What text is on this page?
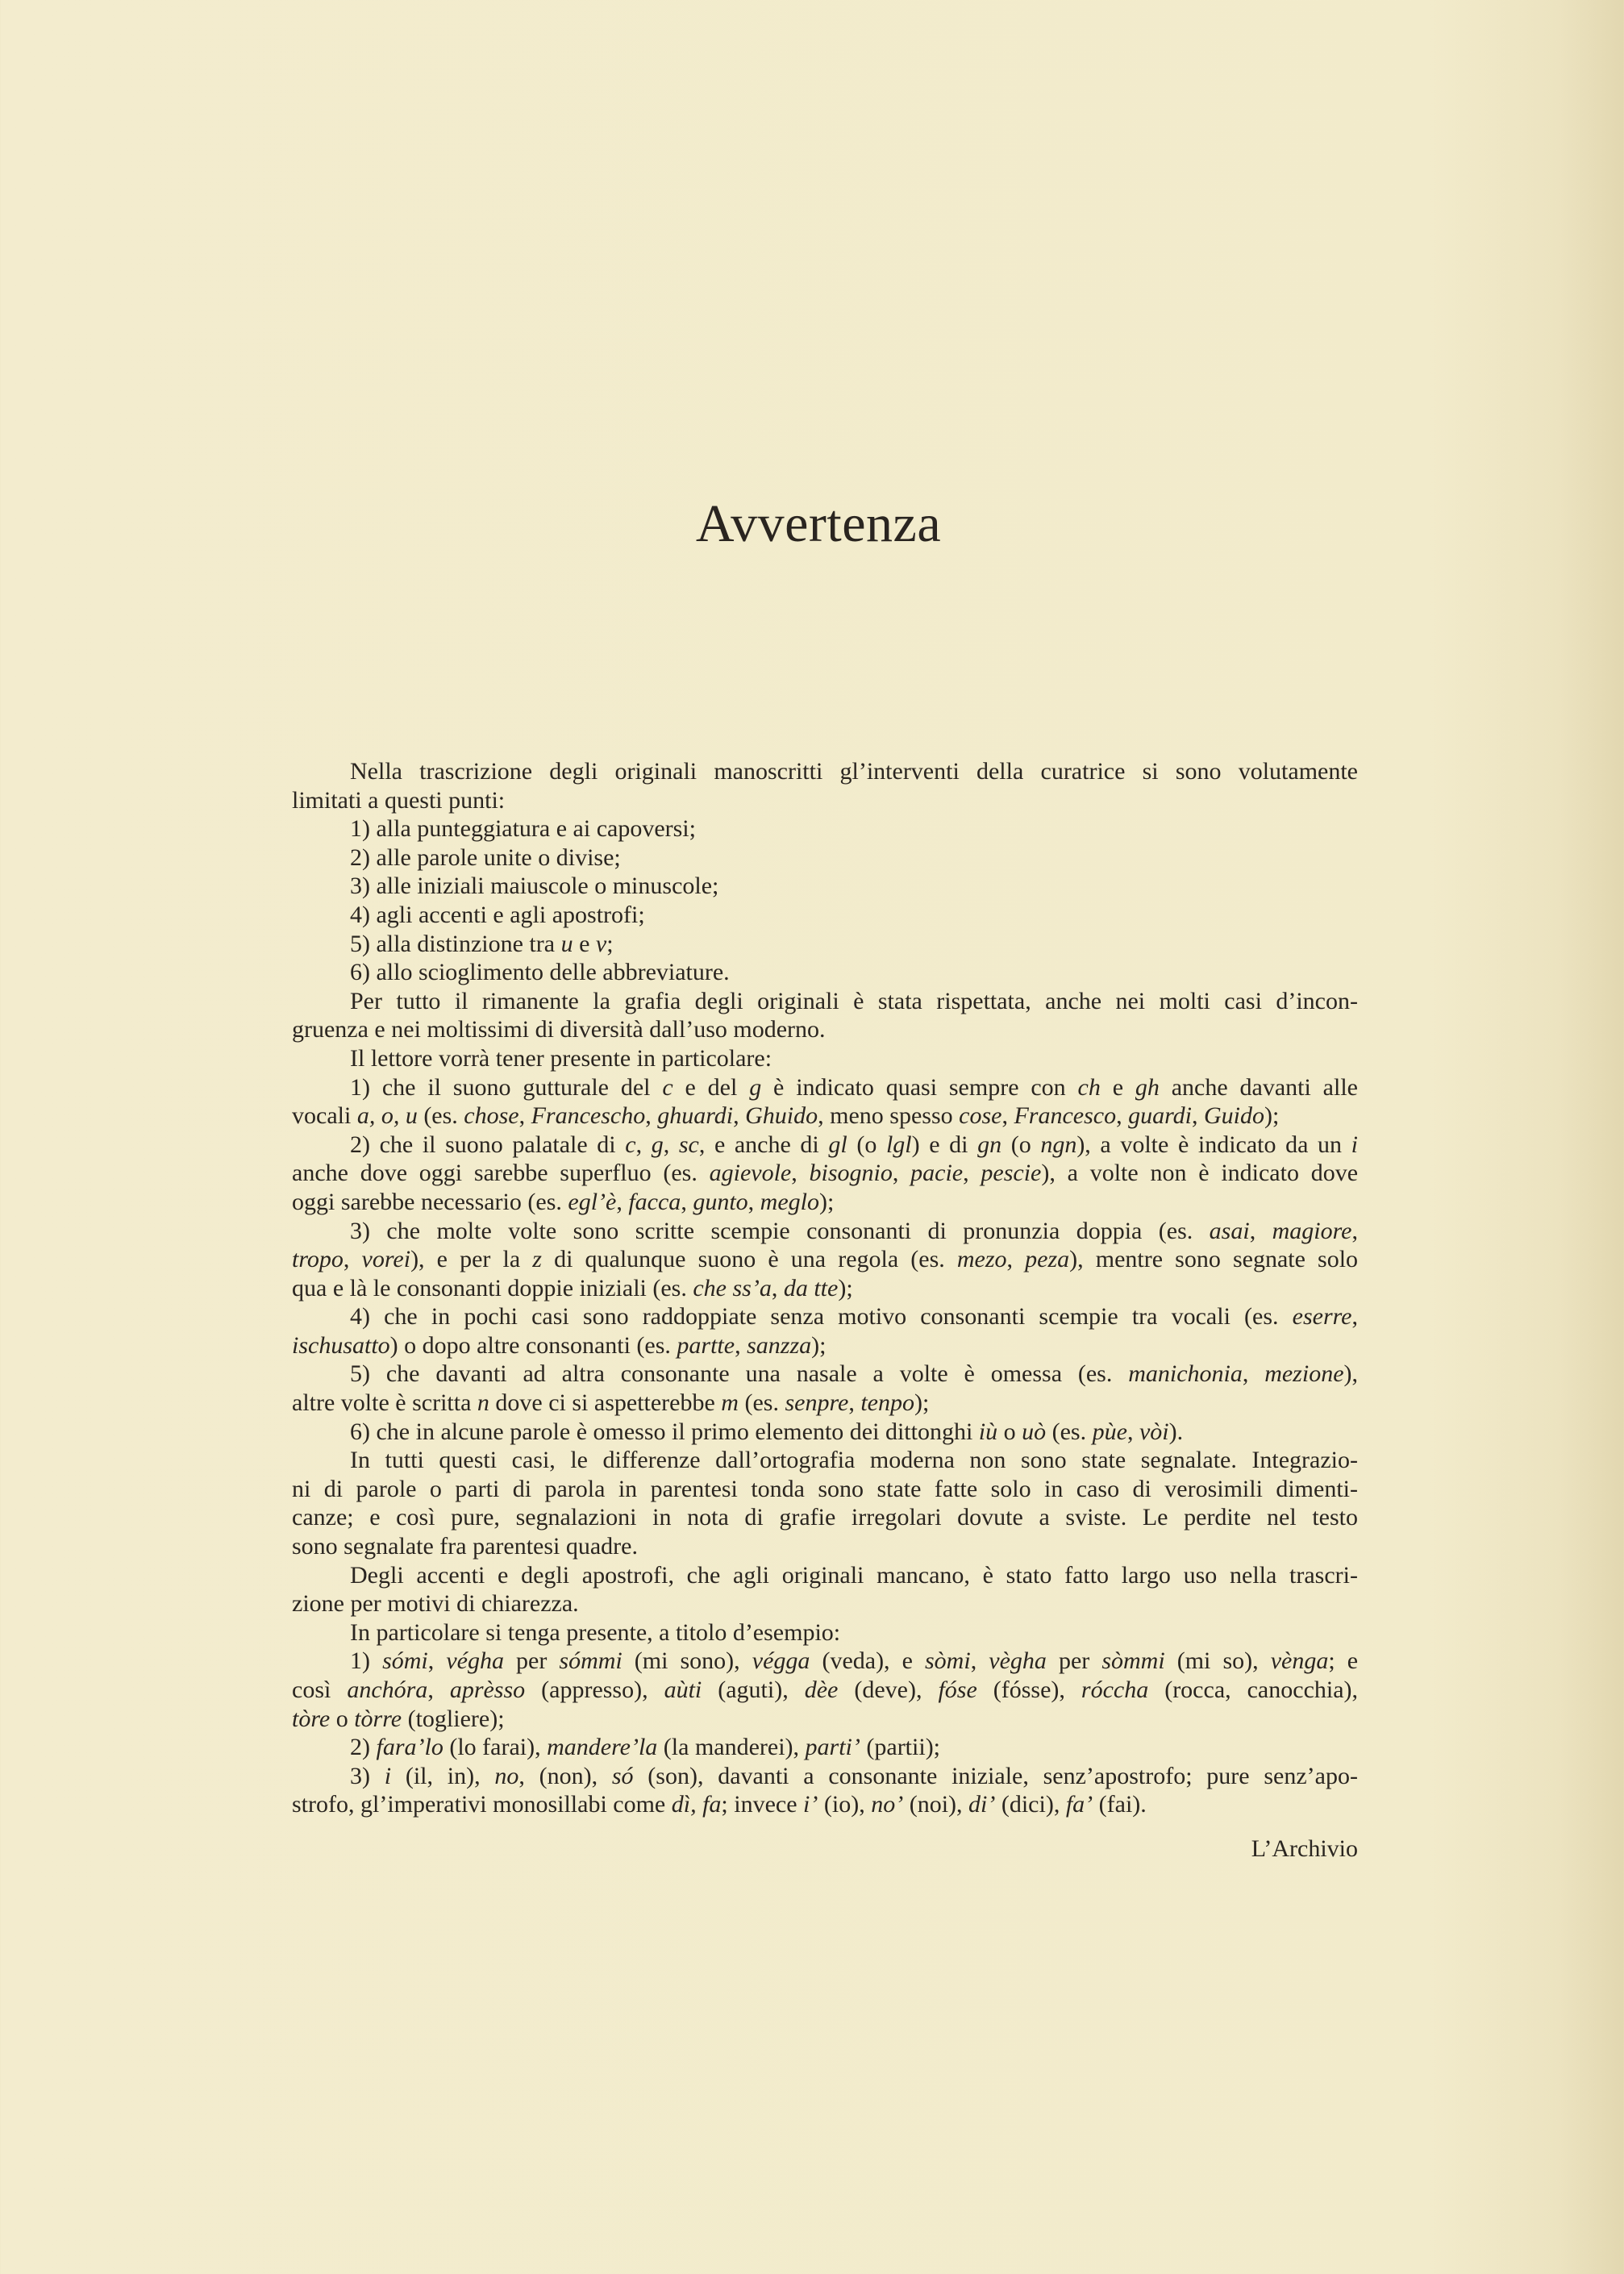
Avvertenza
Nella trascrizione degli originali manoscritti gl’interventi della curatrice si sono volutamente
limitati a questi punti:
1) alla punteggiatura e ai capoversi;
2) alle parole unite o divise;
3) alle iniziali maiuscole o minuscole;
4) agli accenti e agli apostrofi;
5) alla distinzione tra u e v;
6) allo scioglimento delle abbreviature.
Per tutto il rimanente la grafia degli originali è stata rispettata, anche nei molti casi d’incon-
gruenza e nei moltissimi di diversità dall’uso moderno.
Il lettore vorrà tener presente in particolare:
1) che il suono gutturale del c e del g è indicato quasi sempre con ch e gh anche davanti alle
vocali a, o, u (es. chose, Francescho, ghuardi, Ghuido, meno spesso cose, Francesco, guardi, Guido);
2) che il suono palatale di c, g, sc, e anche di gl (o lgl) e di gn (o ngn), a volte è indicato da un i
anche dove oggi sarebbe superfluo (es. agievole, bisognio, pacie, pescie), a volte non è indicato dove
oggi sarebbe necessario (es. egl’è, facca, gunto, meglo);
3) che molte volte sono scritte scempie consonanti di pronunzia doppia (es. asai, magiore,
tropo, vorei), e per la z di qualunque suono è una regola (es. mezo, peza), mentre sono segnate solo
qua e là le consonanti doppie iniziali (es. che ss’a, da tte);
4) che in pochi casi sono raddoppiate senza motivo consonanti scempie tra vocali (es. eserre,
ischusatto) o dopo altre consonanti (es. partte, sanzza);
5) che davanti ad altra consonante una nasale a volte è omessa (es. manichonia, mezione),
altre volte è scritta n dove ci si aspetterebbe m (es. senpre, tenpo);
6) che in alcune parole è omesso il primo elemento dei dittonghi iù o uò (es. pùe, vòi).
In tutti questi casi, le differenze dall’ortografia moderna non sono state segnalate. Integrazio-
ni di parole o parti di parola in parentesi tonda sono state fatte solo in caso di verosimili dimenti-
canze; e così pure, segnalazioni in nota di grafie irregolari dovute a sviste. Le perdite nel testo
sono segnalate fra parentesi quadre.
Degli accenti e degli apostrofi, che agli originali mancano, è stato fatto largo uso nella trascri-
zione per motivi di chiarezza.
In particolare si tenga presente, a titolo d’esempio:
1) sómi, végha per sómmi (mi sono), végga (veda), e sòmi, vègha per sòmmi (mi so), vènga; e
così anchóra, aprèsso (appresso), aùti (aguti), dèe (deve), fóse (fósse), róccha (rocca, canocchia),
tòre o tòrre (togliere);
2) fara’lo (lo farai), mandere’la (la manderei), parti’ (partii);
3) i (il, in), no, (non), só (son), davanti a consonante iniziale, senz’apostrofo; pure senz’apo-
strofo, gl’imperativi monosillabi come dì, fa; invece i’ (io), no’ (noi), di’ (dici), fa’ (fai).
L’Archivio
